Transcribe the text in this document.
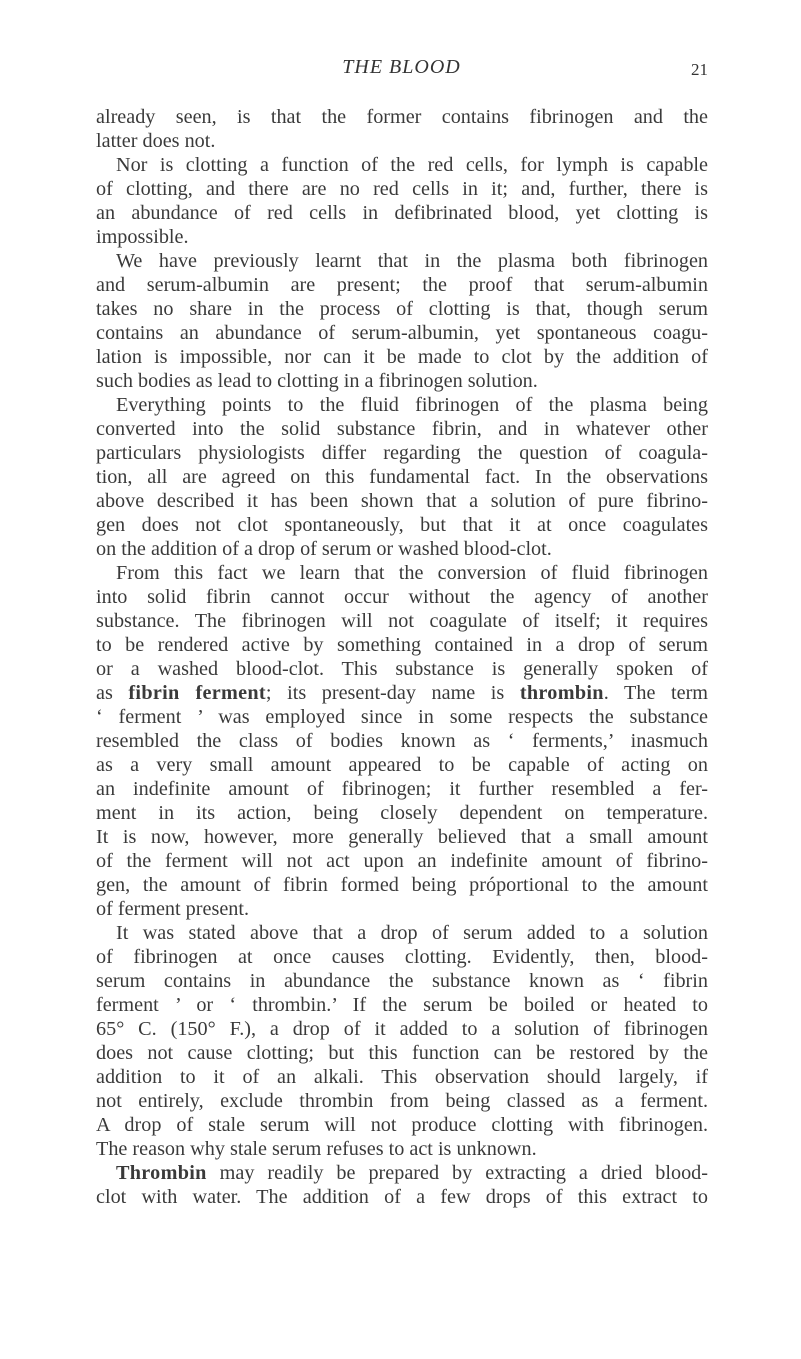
THE BLOOD	21
already seen, is that the former contains fibrinogen and the
latter does not.
Nor is clotting a function of the red cells, for lymph is capable
of clotting, and there are no red cells in it; and, further, there is
an abundance of red cells in defibrinated blood, yet clotting is
impossible.
We have previously learnt that in the plasma both fibrinogen
and serum-albumin are present; the proof that serum-albumin
takes no share in the process of clotting is that, though serum
contains an abundance of serum-albumin, yet spontaneous coagu-
lation is impossible, nor can it be made to clot by the addition of
such bodies as lead to clotting in a fibrinogen solution.
Everything points to the fluid fibrinogen of the plasma being
converted into the solid substance fibrin, and in whatever other
particulars physiologists differ regarding the question of coagula-
tion, all are agreed on this fundamental fact. In the observations
above described it has been shown that a solution of pure fibrino-
gen does not clot spontaneously, but that it at once coagulates
on the addition of a drop of serum or washed blood-clot.
From this fact we learn that the conversion of fluid fibrinogen
into solid fibrin cannot occur without the agency of another
substance. The fibrinogen will not coagulate of itself; it requires
to be rendered active by something contained in a drop of serum
or a washed blood-clot. This substance is generally spoken of
as fibrin ferment; its present-day name is thrombin. The term
‘ ferment ’ was employed since in some respects the substance
resembled the class of bodies known as ‘ ferments,’ inasmuch
as a very small amount appeared to be capable of acting on
an indefinite amount of fibrinogen; it further resembled a fer-
ment in its action, being closely dependent on temperature.
It is now, however, more generally believed that a small amount
of the ferment will not act upon an indefinite amount of fibrino-
gen, the amount of fibrin formed being próportional to the amount
of ferment present.
It was stated above that a drop of serum added to a solution
of fibrinogen at once causes clotting. Evidently, then, blood-
serum contains in abundance the substance known as ‘ fibrin
ferment ’ or ‘ thrombin.’ If the serum be boiled or heated to
65° C. (150° F.), a drop of it added to a solution of fibrinogen
does not cause clotting; but this function can be restored by the
addition to it of an alkali. This observation should largely, if
not entirely, exclude thrombin from being classed as a ferment.
A drop of stale serum will not produce clotting with fibrinogen.
The reason why stale serum refuses to act is unknown.
Thrombin may readily be prepared by extracting a dried blood-
clot with water. The addition of a few drops of this extract to
